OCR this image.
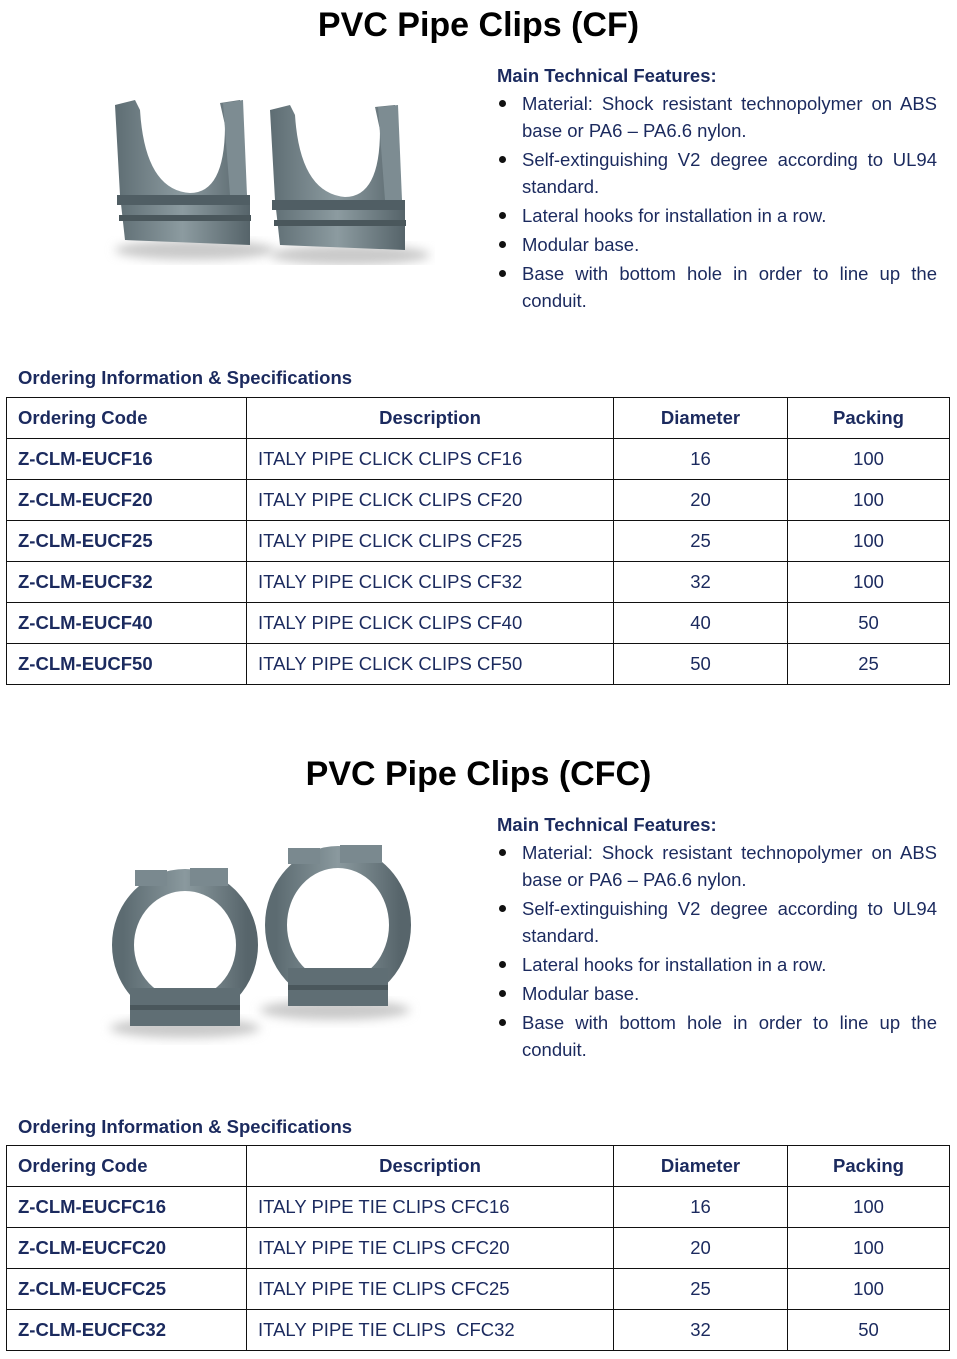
PVC Pipe Clips (CF)
Main Technical Features:
Material: Shock resistant technopolymer on ABS base or PA6 – PA6.6 nylon.
Self-extinguishing V2 degree according to UL94 standard.
Lateral hooks for installation in a row.
Modular base.
Base with bottom hole in order to line up the conduit.
Ordering Information & Specifications
Ordering Code	Description	Diameter	Packing
Z-CLM-EUCF16	ITALY PIPE CLICK CLIPS CF16	16	100
Z-CLM-EUCF20	ITALY PIPE CLICK CLIPS CF20	20	100
Z-CLM-EUCF25	ITALY PIPE CLICK CLIPS CF25	25	100
Z-CLM-EUCF32	ITALY PIPE CLICK CLIPS CF32	32	100
Z-CLM-EUCF40	ITALY PIPE CLICK CLIPS CF40	40	50
Z-CLM-EUCF50	ITALY PIPE CLICK CLIPS CF50	50	25
PVC Pipe Clips (CFC)
Main Technical Features:
Material: Shock resistant technopolymer on ABS base or PA6 – PA6.6 nylon.
Self-extinguishing V2 degree according to UL94 standard.
Lateral hooks for installation in a row.
Modular base.
Base with bottom hole in order to line up the conduit.
Ordering Information & Specifications
Ordering Code	Description	Diameter	Packing
Z-CLM-EUCFC16	ITALY PIPE TIE CLIPS CFC16	16	100
Z-CLM-EUCFC20	ITALY PIPE TIE CLIPS CFC20	20	100
Z-CLM-EUCFC25	ITALY PIPE TIE CLIPS CFC25	25	100
Z-CLM-EUCFC32	ITALY PIPE TIE CLIPS  CFC32	32	50
